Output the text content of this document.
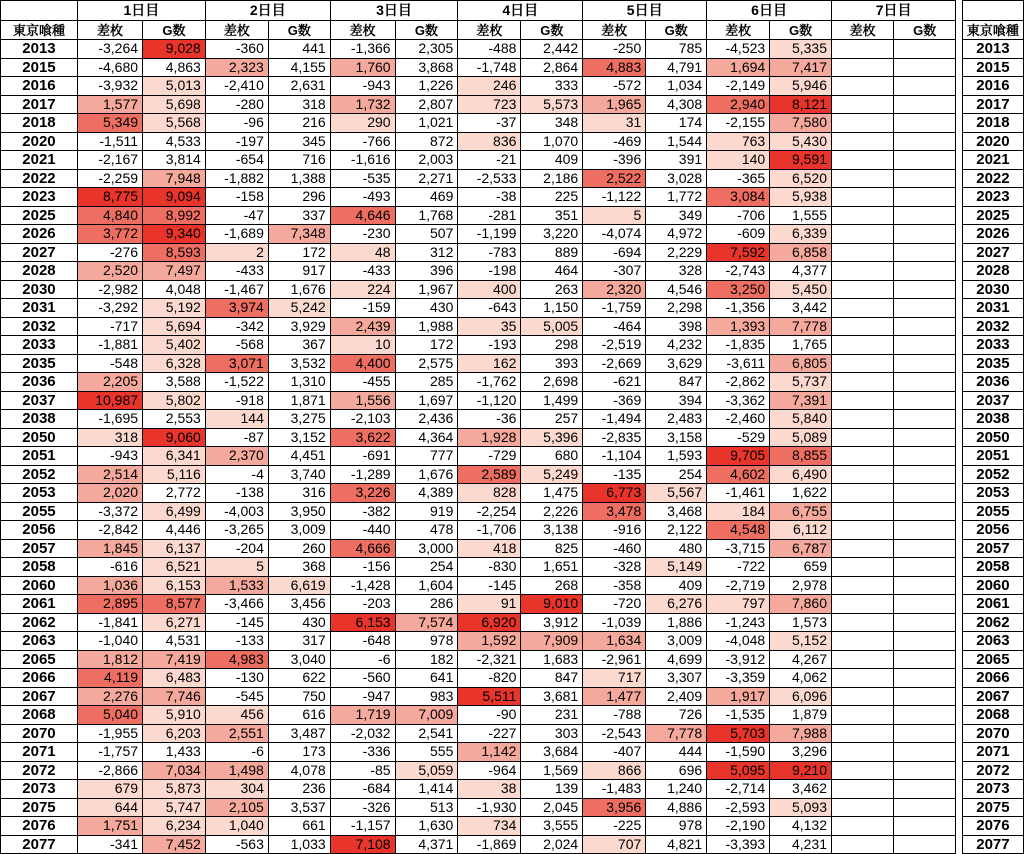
	1日目		2日目		3日目		4日目		5日目		6日目		7日目			
東京喰種	差枚	G数	差枚	G数	差枚	G数	差枚	G数	差枚	G数	差枚	G数	差枚	G数		東京喰種
2013	-3,264	9,028	-360	441	-1,366	2,305	-488	2,442	-250	785	-4,523	5,335				2013
2015	-4,680	4,863	2,323	4,155	1,760	3,868	-1,748	2,864	4,883	4,791	1,694	7,417				2015
2016	-3,932	5,013	-2,410	2,631	-943	1,226	246	333	-572	1,034	-2,149	5,946				2016
2017	1,577	5,698	-280	318	1,732	2,807	723	5,573	1,965	4,308	2,940	8,121				2017
2018	5,349	5,568	-96	216	290	1,021	-37	348	31	174	-2,155	7,580				2018
2020	-1,511	4,533	-197	345	-766	872	836	1,070	-469	1,544	763	5,430				2020
2021	-2,167	3,814	-654	716	-1,616	2,003	-21	409	-396	391	140	9,591				2021
2022	-2,259	7,948	-1,882	1,388	-535	2,271	-2,533	2,186	2,522	3,028	-365	6,520				2022
2023	8,775	9,094	-158	296	-493	469	-38	225	-1,122	1,772	3,084	5,938				2023
2025	4,840	8,992	-47	337	4,646	1,768	-281	351	5	349	-706	1,555				2025
2026	3,772	9,340	-1,689	7,348	-230	507	-1,199	3,220	-4,074	4,972	-609	6,339				2026
2027	-276	8,593	2	172	48	312	-783	889	-694	2,229	7,592	6,858				2027
2028	2,520	7,497	-433	917	-433	396	-198	464	-307	328	-2,743	4,377				2028
2030	-2,982	4,048	-1,467	1,676	224	1,967	400	263	2,320	4,546	3,250	5,450				2030
2031	-3,292	5,192	3,974	5,242	-159	430	-643	1,150	-1,759	2,298	-1,356	3,442				2031
2032	-717	5,694	-342	3,929	2,439	1,988	35	5,005	-464	398	1,393	7,778				2032
2033	-1,881	5,402	-568	367	10	172	-193	298	-2,519	4,232	-1,835	1,765				2033
2035	-548	6,328	3,071	3,532	4,400	2,575	162	393	-2,669	3,629	-3,611	6,805				2035
2036	2,205	3,588	-1,522	1,310	-455	285	-1,762	2,698	-621	847	-2,862	5,737				2036
2037	10,987	5,802	-918	1,871	1,556	1,697	-1,120	1,499	-369	394	-3,362	7,391				2037
2038	-1,695	2,553	144	3,275	-2,103	2,436	-36	257	-1,494	2,483	-2,460	5,840				2038
2050	318	9,060	-87	3,152	3,622	4,364	1,928	5,396	-2,835	3,158	-529	5,089				2050
2051	-943	6,341	2,370	4,451	-691	777	-729	680	-1,104	1,593	9,705	8,855				2051
2052	2,514	5,116	-4	3,740	-1,289	1,676	2,589	5,249	-135	254	4,602	6,490				2052
2053	2,020	2,772	-138	316	3,226	4,389	828	1,475	6,773	5,567	-1,461	1,622				2053
2055	-3,372	6,499	-4,003	3,950	-382	919	-2,254	2,226	3,478	3,468	184	6,755				2055
2056	-2,842	4,446	-3,265	3,009	-440	478	-1,706	3,138	-916	2,122	4,548	6,112				2056
2057	1,845	6,137	-204	260	4,666	3,000	418	825	-460	480	-3,715	6,787				2057
2058	-616	6,521	5	368	-156	254	-830	1,651	-328	5,149	-722	659				2058
2060	1,036	6,153	1,533	6,619	-1,428	1,604	-145	268	-358	409	-2,719	2,978				2060
2061	2,895	8,577	-3,466	3,456	-203	286	91	9,010	-720	6,276	797	7,860				2061
2062	-1,841	6,271	-145	430	6,153	7,574	6,920	3,912	-1,039	1,886	-1,243	1,573				2062
2063	-1,040	4,531	-133	317	-648	978	1,592	7,909	1,634	3,009	-4,048	5,152				2063
2065	1,812	7,419	4,983	3,040	-6	182	-2,321	1,683	-2,961	4,699	-3,912	4,267				2065
2066	4,119	6,483	-130	622	-560	641	-820	847	717	3,307	-3,359	4,062				2066
2067	2,276	7,746	-545	750	-947	983	5,511	3,681	1,477	2,409	1,917	6,096				2067
2068	5,040	5,910	456	616	1,719	7,009	-90	231	-788	726	-1,535	1,879				2068
2070	-1,955	6,203	2,551	3,487	-2,032	2,541	-227	303	-2,543	7,778	5,703	7,988				2070
2071	-1,757	1,433	-6	173	-336	555	1,142	3,684	-407	444	-1,590	3,296				2071
2072	-2,866	7,034	1,498	4,078	-85	5,059	-964	1,569	866	696	5,095	9,210				2072
2073	679	5,873	304	236	-684	1,414	38	139	-1,483	1,240	-2,714	3,462				2073
2075	644	5,747	2,105	3,537	-326	513	-1,930	2,045	3,956	4,886	-2,593	5,093				2075
2076	1,751	6,234	1,040	661	-1,157	1,630	734	3,555	-225	978	-2,190	4,132				2076
2077	-341	7,452	-563	1,033	7,108	4,371	-1,869	2,024	707	4,821	-3,393	4,231				2077
